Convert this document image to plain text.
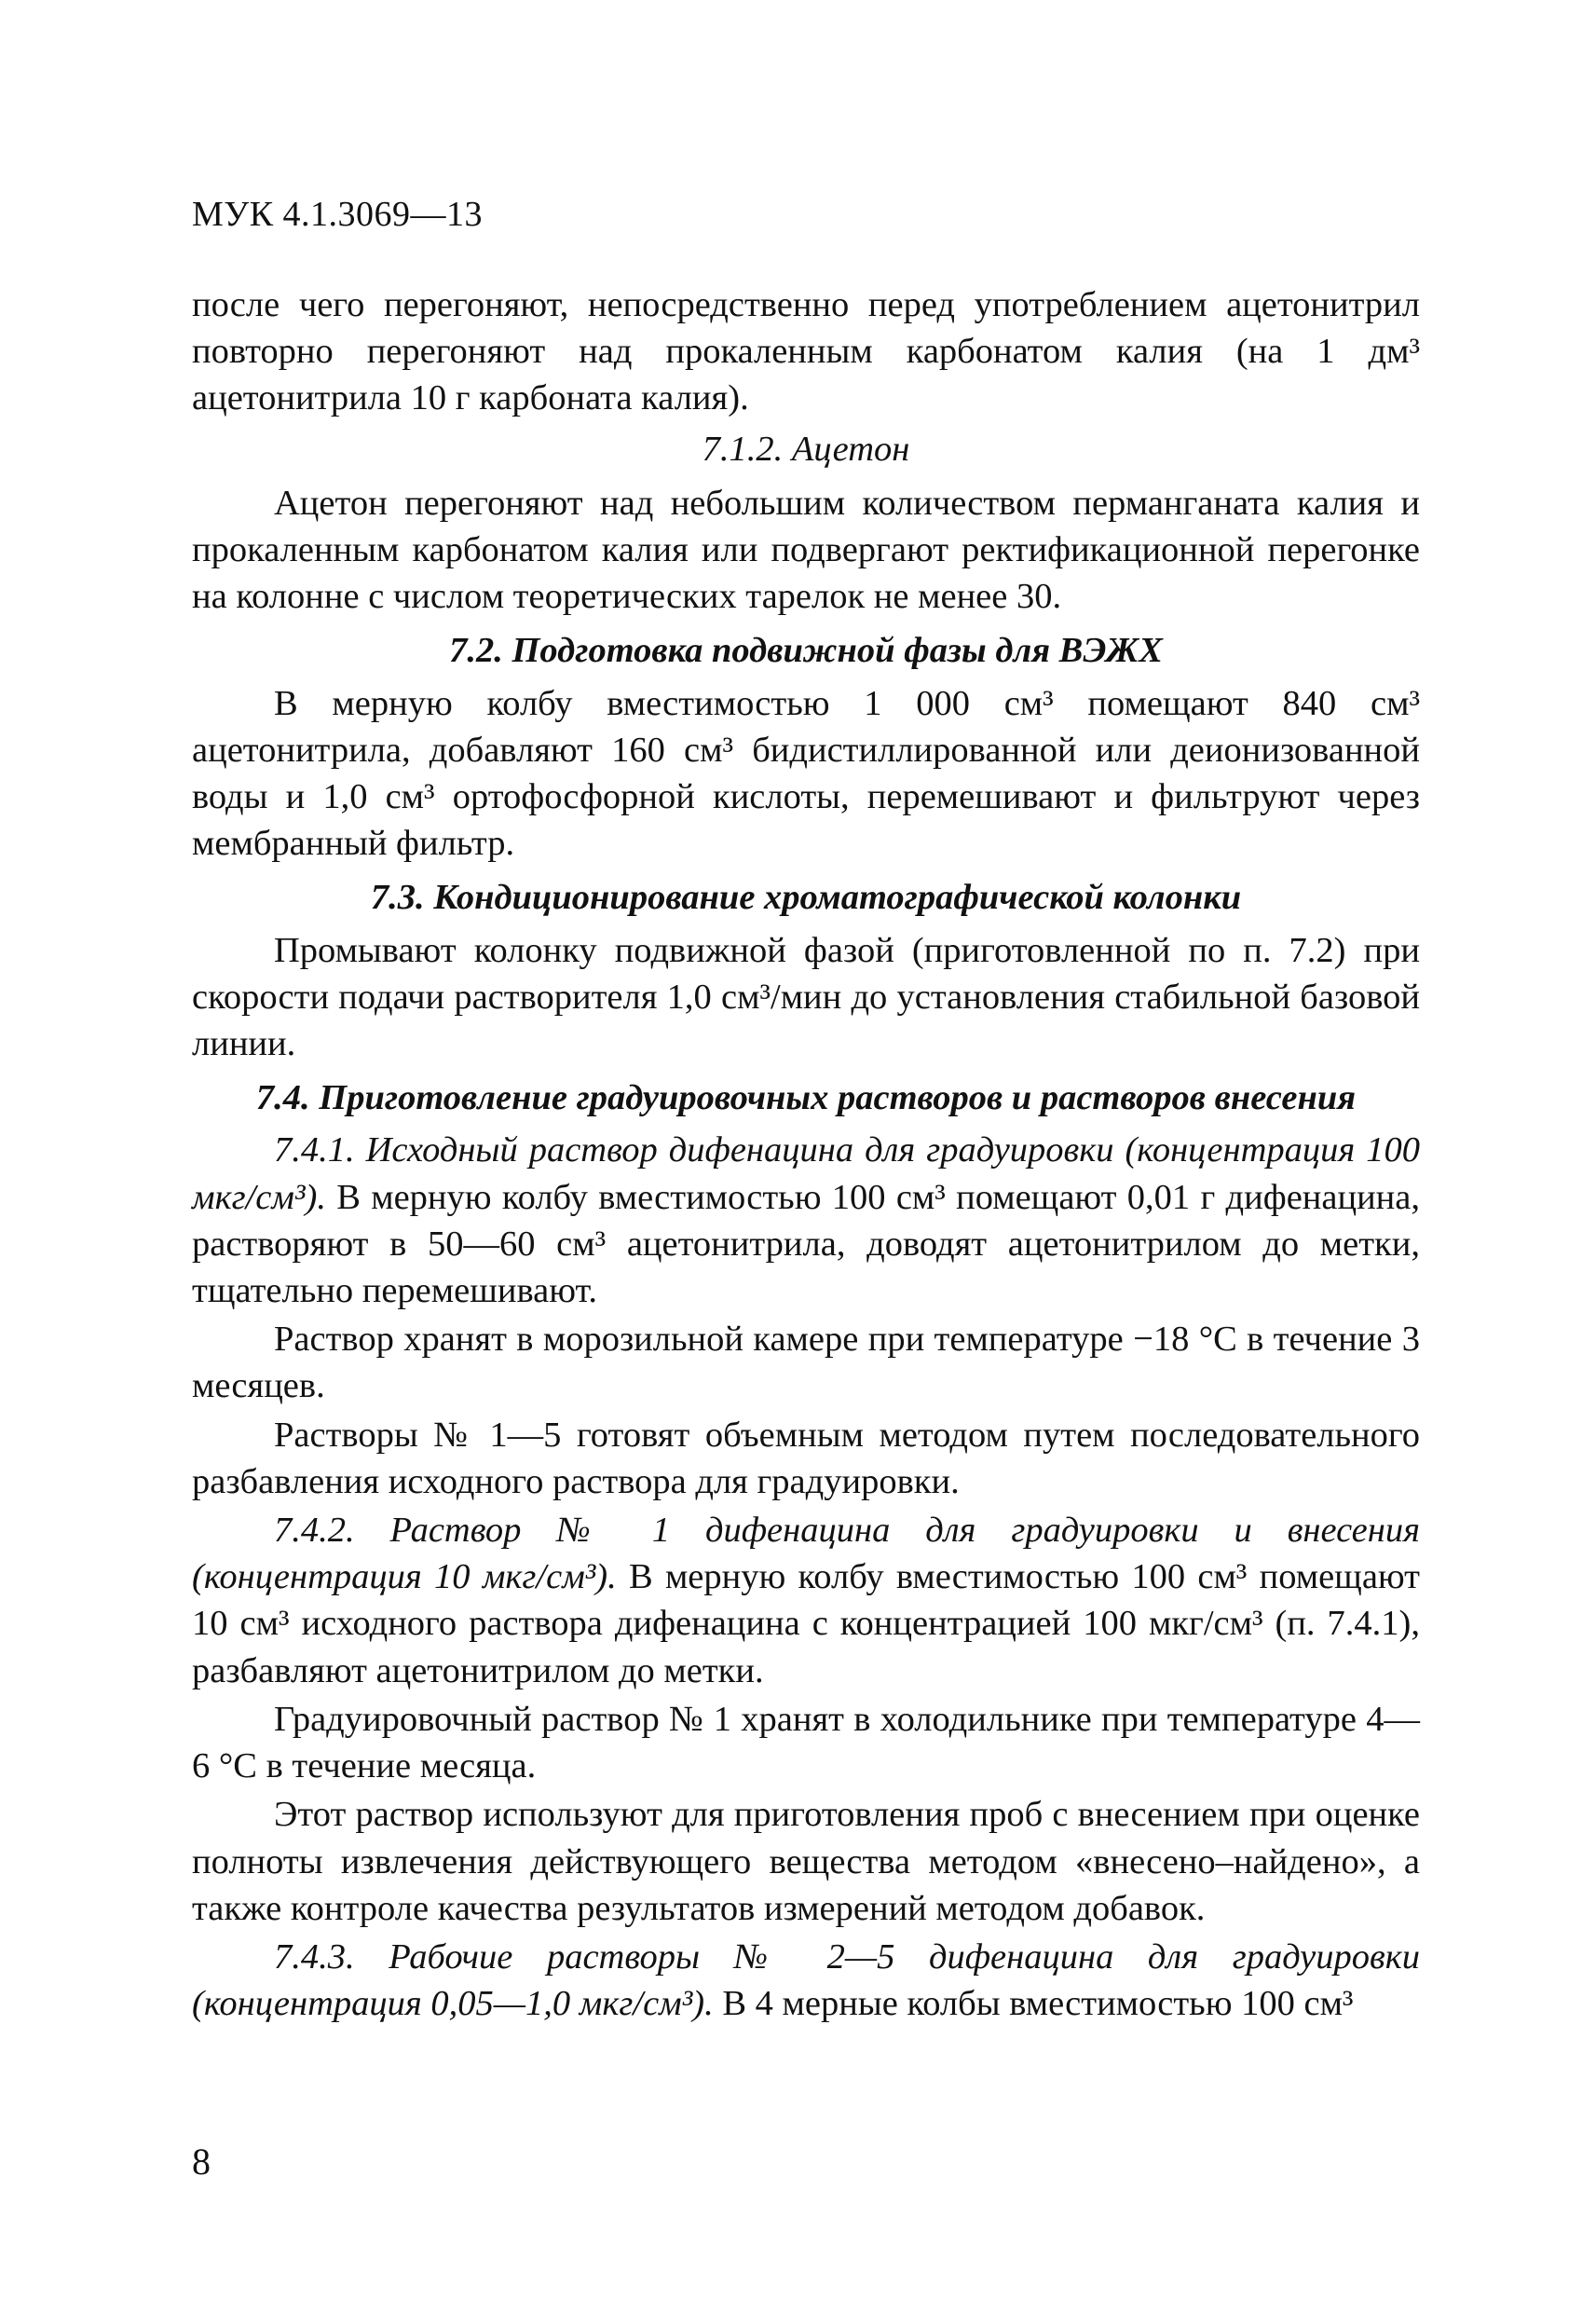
МУК 4.1.3069—13

после чего перегоняют, непосредственно перед употреблением ацетонитрил повторно перегоняют над прокаленным карбонатом калия (на 1 дм³ ацетонитрила 10 г карбоната калия).

7.1.2. Ацетон

Ацетон перегоняют над небольшим количеством перманганата калия и прокаленным карбонатом калия или подвергают ректификационной перегонке на колонне с числом теоретических тарелок не менее 30.

7.2. Подготовка подвижной фазы для ВЭЖХ

В мерную колбу вместимостью 1 000 см³ помещают 840 см³ ацетонитрила, добавляют 160 см³ бидистиллированной или деионизованной воды и 1,0 см³ ортофосфорной кислоты, перемешивают и фильтруют через мембранный фильтр.

7.3. Кондиционирование хроматографической колонки

Промывают колонку подвижной фазой (приготовленной по п. 7.2) при скорости подачи растворителя 1,0 см³/мин до установления стабильной базовой линии.

7.4. Приготовление градуировочных растворов и растворов внесения

7.4.1. Исходный раствор дифенацина для градуировки (концентрация 100 мкг/см³). В мерную колбу вместимостью 100 см³ помещают 0,01 г дифенацина, растворяют в 50—60 см³ ацетонитрила, доводят ацетонитрилом до метки, тщательно перемешивают.

Раствор хранят в морозильной камере при температуре −18 °С в течение 3 месяцев.

Растворы № 1—5 готовят объемным методом путем последовательного разбавления исходного раствора для градуировки.

7.4.2. Раствор № 1 дифенацина для градуировки и внесения (концентрация 10 мкг/см³). В мерную колбу вместимостью 100 см³ помещают 10 см³ исходного раствора дифенацина с концентрацией 100 мкг/см³ (п. 7.4.1), разбавляют ацетонитрилом до метки.

Градуировочный раствор № 1 хранят в холодильнике при температуре 4—6 °С в течение месяца.

Этот раствор используют для приготовления проб с внесением при оценке полноты извлечения действующего вещества методом «внесено–найдено», а также контроле качества результатов измерений методом добавок.

7.4.3. Рабочие растворы № 2—5 дифенацина для градуировки (концентрация 0,05—1,0 мкг/см³). В 4 мерные колбы вместимостью 100 см³

8
